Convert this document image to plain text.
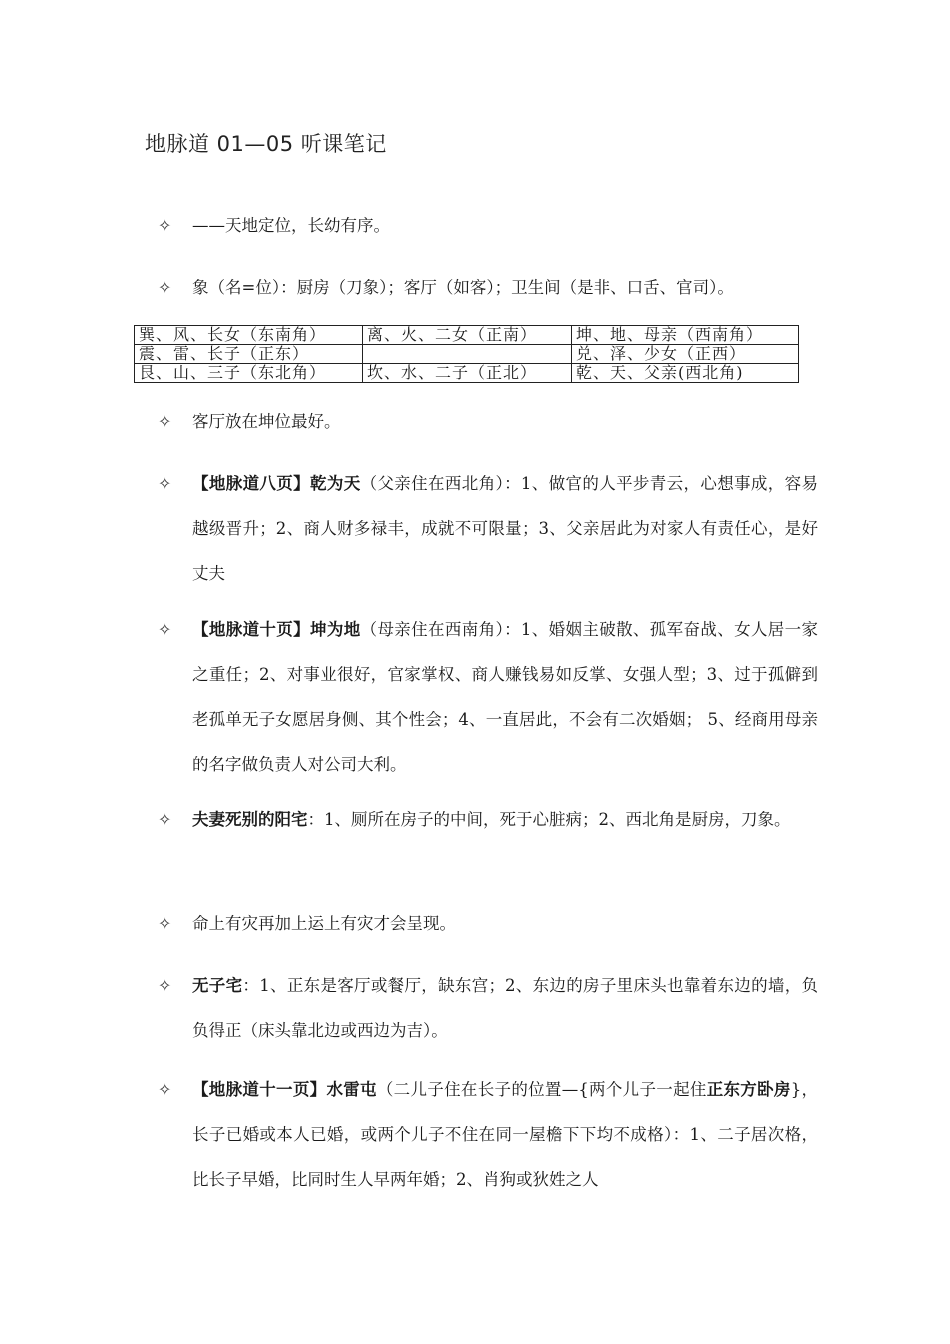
地脉道 01—05 听课笔记
✧	——天地定位，长幼有序。
✧	象（名=位）：厨房（刀象）；客厅（如客）；卫生间（是非、口舌、官司）。
巽、风、长女（东南角）	离、火、二女（正南）	坤、地、母亲（西南角）
震、雷、长子（正东）		兑、泽、少女（正西）
艮、山、三子（东北角）	坎、水、二子（正北）	乾、天、父亲(西北角)
✧	客厅放在坤位最好。
✧	【地脉道八页】乾为天（父亲住在西北角）：1、做官的人平步青云，心想事成，容易越级晋升；2、商人财多禄丰，成就不可限量；3、父亲居此为对家人有责任心，是好丈夫
✧	【地脉道十页】坤为地（母亲住在西南角）：1、婚姻主破散、孤军奋战、女人居一家之重任；2、对事业很好，官家掌权、商人赚钱易如反掌、女强人型；3、过于孤僻到老孤单无子女愿居身侧、其个性会；4、一直居此，不会有二次婚姻； 5、经商用母亲的名字做负责人对公司大利。
✧	夫妻死别的阳宅：1、厕所在房子的中间，死于心脏病；2、西北角是厨房，刀象。
✧	命上有灾再加上运上有灾才会呈现。
✧	无子宅：1、正东是客厅或餐厅，缺东宫；2、东边的房子里床头也靠着东边的墙，负负得正（床头靠北边或西边为吉）。
✧	【地脉道十一页】水雷屯（二儿子住在长子的位置—{两个儿子一起住正东方卧房}，长子已婚或本人已婚，或两个儿子不住在同一屋檐下下均不成格）：1、二子居次格，比长子早婚，比同时生人早两年婚；2、肖狗或狄姓之人
